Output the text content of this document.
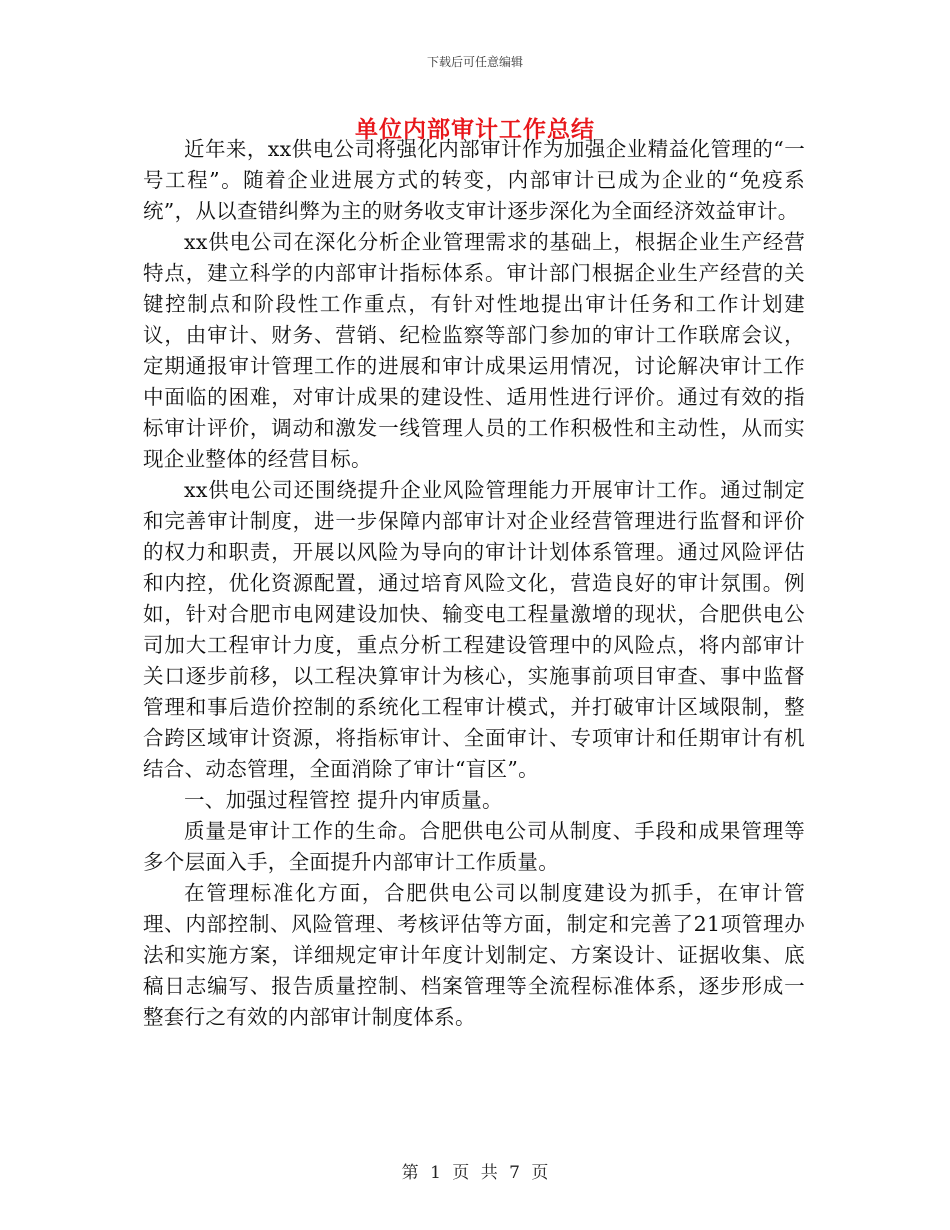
下载后可任意编辑
单位内部审计工作总结

近年来，xx供电公司将强化内部审计作为加强企业精益化管理的“一号工程”。随着企业进展方式的转变，内部审计已成为企业的“免疫系统”，从以查错纠弊为主的财务收支审计逐步深化为全面经济效益审计。

xx供电公司在深化分析企业管理需求的基础上，根据企业生产经营特点，建立科学的内部审计指标体系。审计部门根据企业生产经营的关键控制点和阶段性工作重点，有针对性地提出审计任务和工作计划建议，由审计、财务、营销、纪检监察等部门参加的审计工作联席会议，定期通报审计管理工作的进展和审计成果运用情况，讨论解决审计工作中面临的困难，对审计成果的建设性、适用性进行评价。通过有效的指标审计评价，调动和激发一线管理人员的工作积极性和主动性，从而实现企业整体的经营目标。

xx供电公司还围绕提升企业风险管理能力开展审计工作。通过制定和完善审计制度，进一步保障内部审计对企业经营管理进行监督和评价的权力和职责，开展以风险为导向的审计计划体系管理。通过风险评估和内控，优化资源配置，通过培育风险文化，营造良好的审计氛围。例如，针对合肥市电网建设加快、输变电工程量激增的现状，合肥供电公司加大工程审计力度，重点分析工程建设管理中的风险点，将内部审计关口逐步前移，以工程决算审计为核心，实施事前项目审查、事中监督管理和事后造价控制的系统化工程审计模式，并打破审计区域限制，整合跨区域审计资源，将指标审计、全面审计、专项审计和任期审计有机结合、动态管理，全面消除了审计“盲区”。

一、加强过程管控 提升内审质量。

质量是审计工作的生命。合肥供电公司从制度、手段和成果管理等多个层面入手，全面提升内部审计工作质量。

在管理标准化方面，合肥供电公司以制度建设为抓手，在审计管理、内部控制、风险管理、考核评估等方面，制定和完善了21项管理办法和实施方案，详细规定审计年度计划制定、方案设计、证据收集、底稿日志编写、报告质量控制、档案管理等全流程标准体系，逐步形成一整套行之有效的内部审计制度体系。

第 1 页 共 7 页
